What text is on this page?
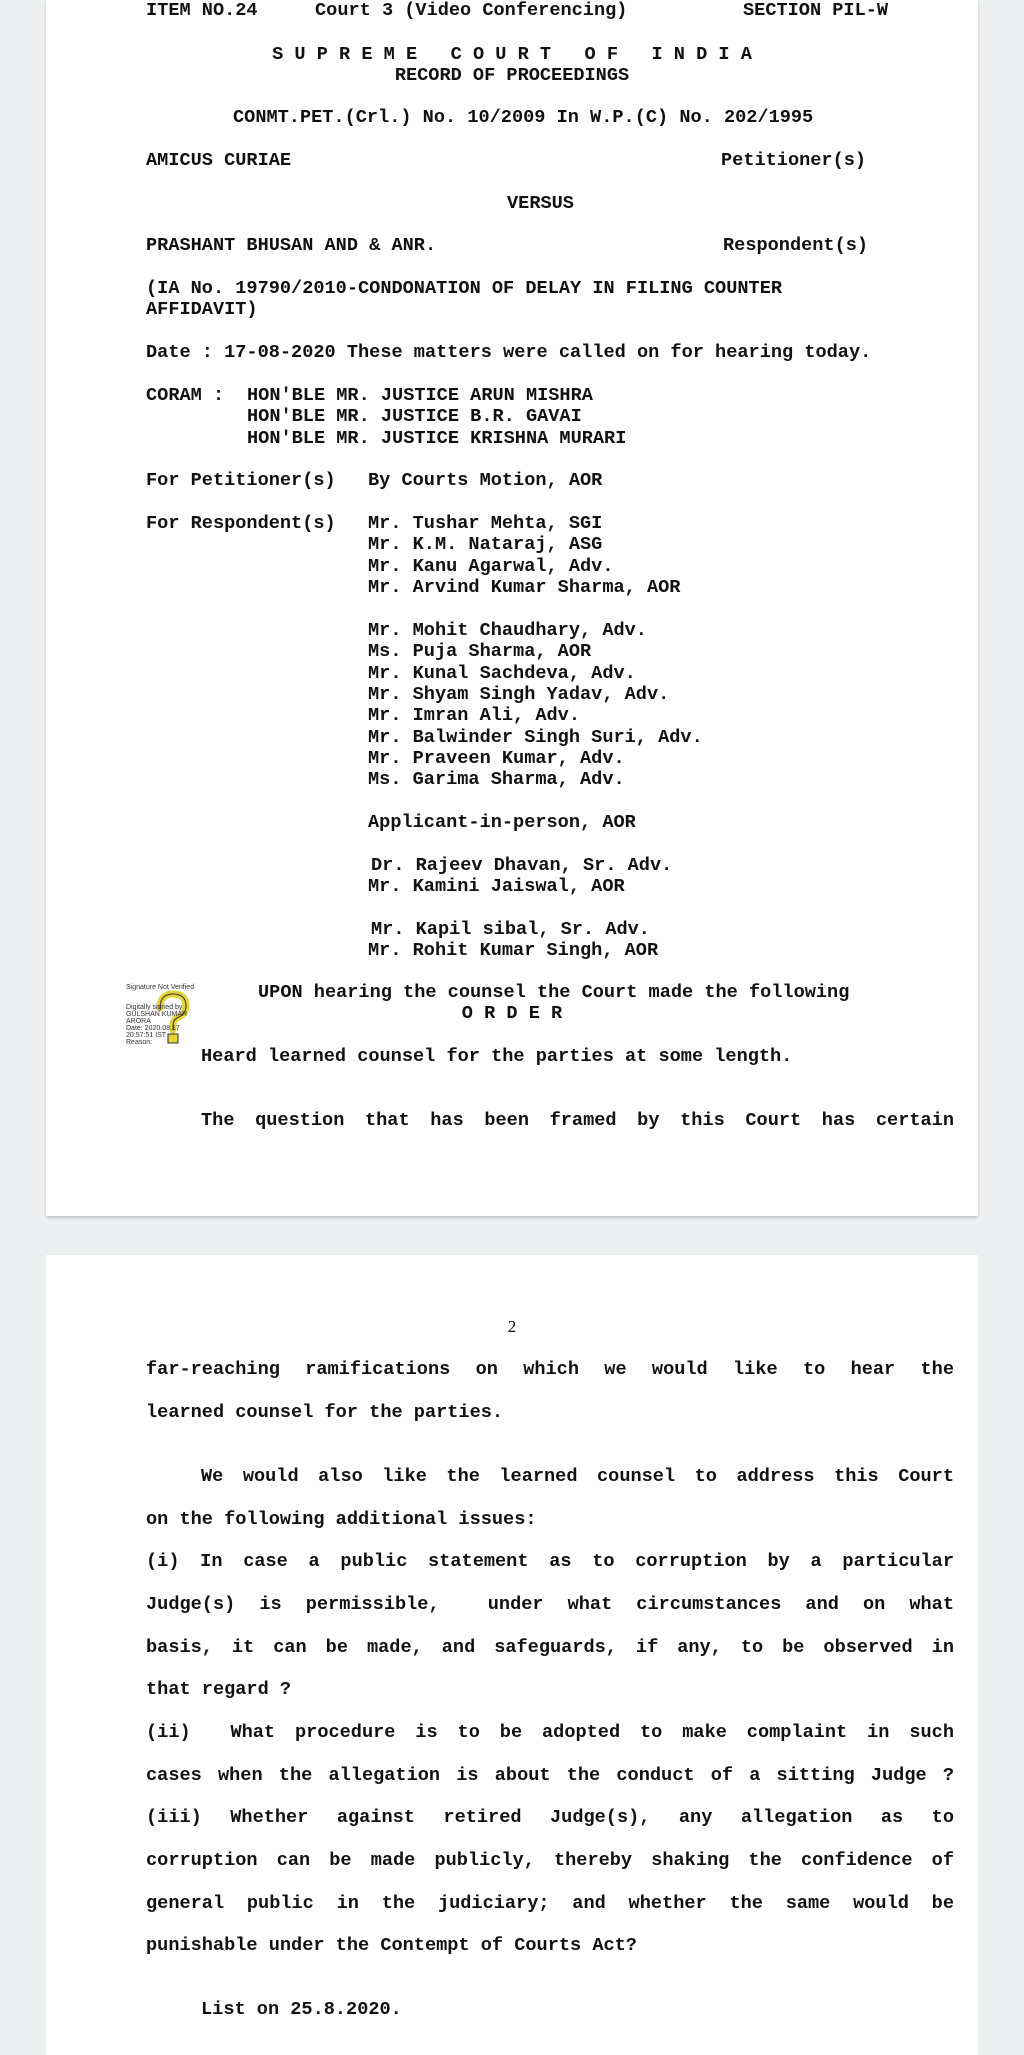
ITEM NO.24	Court 3 (Video Conferencing)	SECTION PIL-W
S U P R E M E   C O U R T   O F   I N D I A
RECORD OF PROCEEDINGS
CONMT.PET.(Crl.) No. 10/2009 In W.P.(C) No. 202/1995
AMICUS CURIAE	Petitioner(s)
VERSUS
PRASHANT BHUSAN AND & ANR.	Respondent(s)
(IA No. 19790/2010-CONDONATION OF DELAY IN FILING COUNTER
AFFIDAVIT)
Date : 17-08-2020 These matters were called on for hearing today.
CORAM : HON'BLE MR. JUSTICE ARUN MISHRA
HON'BLE MR. JUSTICE B.R. GAVAI
HON'BLE MR. JUSTICE KRISHNA MURARI
For Petitioner(s) By Courts Motion, AOR
For Respondent(s) Mr. Tushar Mehta, SGI
Mr. K.M. Nataraj, ASG
Mr. Kanu Agarwal, Adv.
Mr. Arvind Kumar Sharma, AOR
Mr. Mohit Chaudhary, Adv.
Ms. Puja Sharma, AOR
Mr. Kunal Sachdeva, Adv.
Mr. Shyam Singh Yadav, Adv.
Mr. Imran Ali, Adv.
Mr. Balwinder Singh Suri, Adv.
Mr. Praveen Kumar, Adv.
Ms. Garima Sharma, Adv.
Applicant-in-person, AOR
Dr. Rajeev Dhavan, Sr. Adv.
Mr. Kamini Jaiswal, AOR
Mr. Kapil sibal, Sr. Adv.
Mr. Rohit Kumar Singh, AOR
Signature Not Verified
Digitally signed by
GULSHAN KUMAR
ARORA
Date: 2020.08.17
20:57:51 IST
Reason:
UPON hearing the counsel the Court made the following
O R D E R
Heard learned counsel for the parties at some length.
The question that has been framed by this Court has certain
2
far-reaching ramifications on which we would like to hear the
learned counsel for the parties.
We would also like the learned counsel to address this Court
on the following additional issues:
(i) In case a public statement as to corruption by a particular
Judge(s) is permissible,  under what circumstances and on what
basis, it can be made, and safeguards, if any, to be observed in
that regard ?
(ii)  What procedure is to be adopted to make complaint in such
cases when the allegation is about the conduct of a sitting Judge ?
(iii) Whether against retired Judge(s), any allegation as to
corruption can be made publicly, thereby shaking the confidence of
general public in the judiciary; and whether the same would be
punishable under the Contempt of Courts Act?
List on 25.8.2020.
